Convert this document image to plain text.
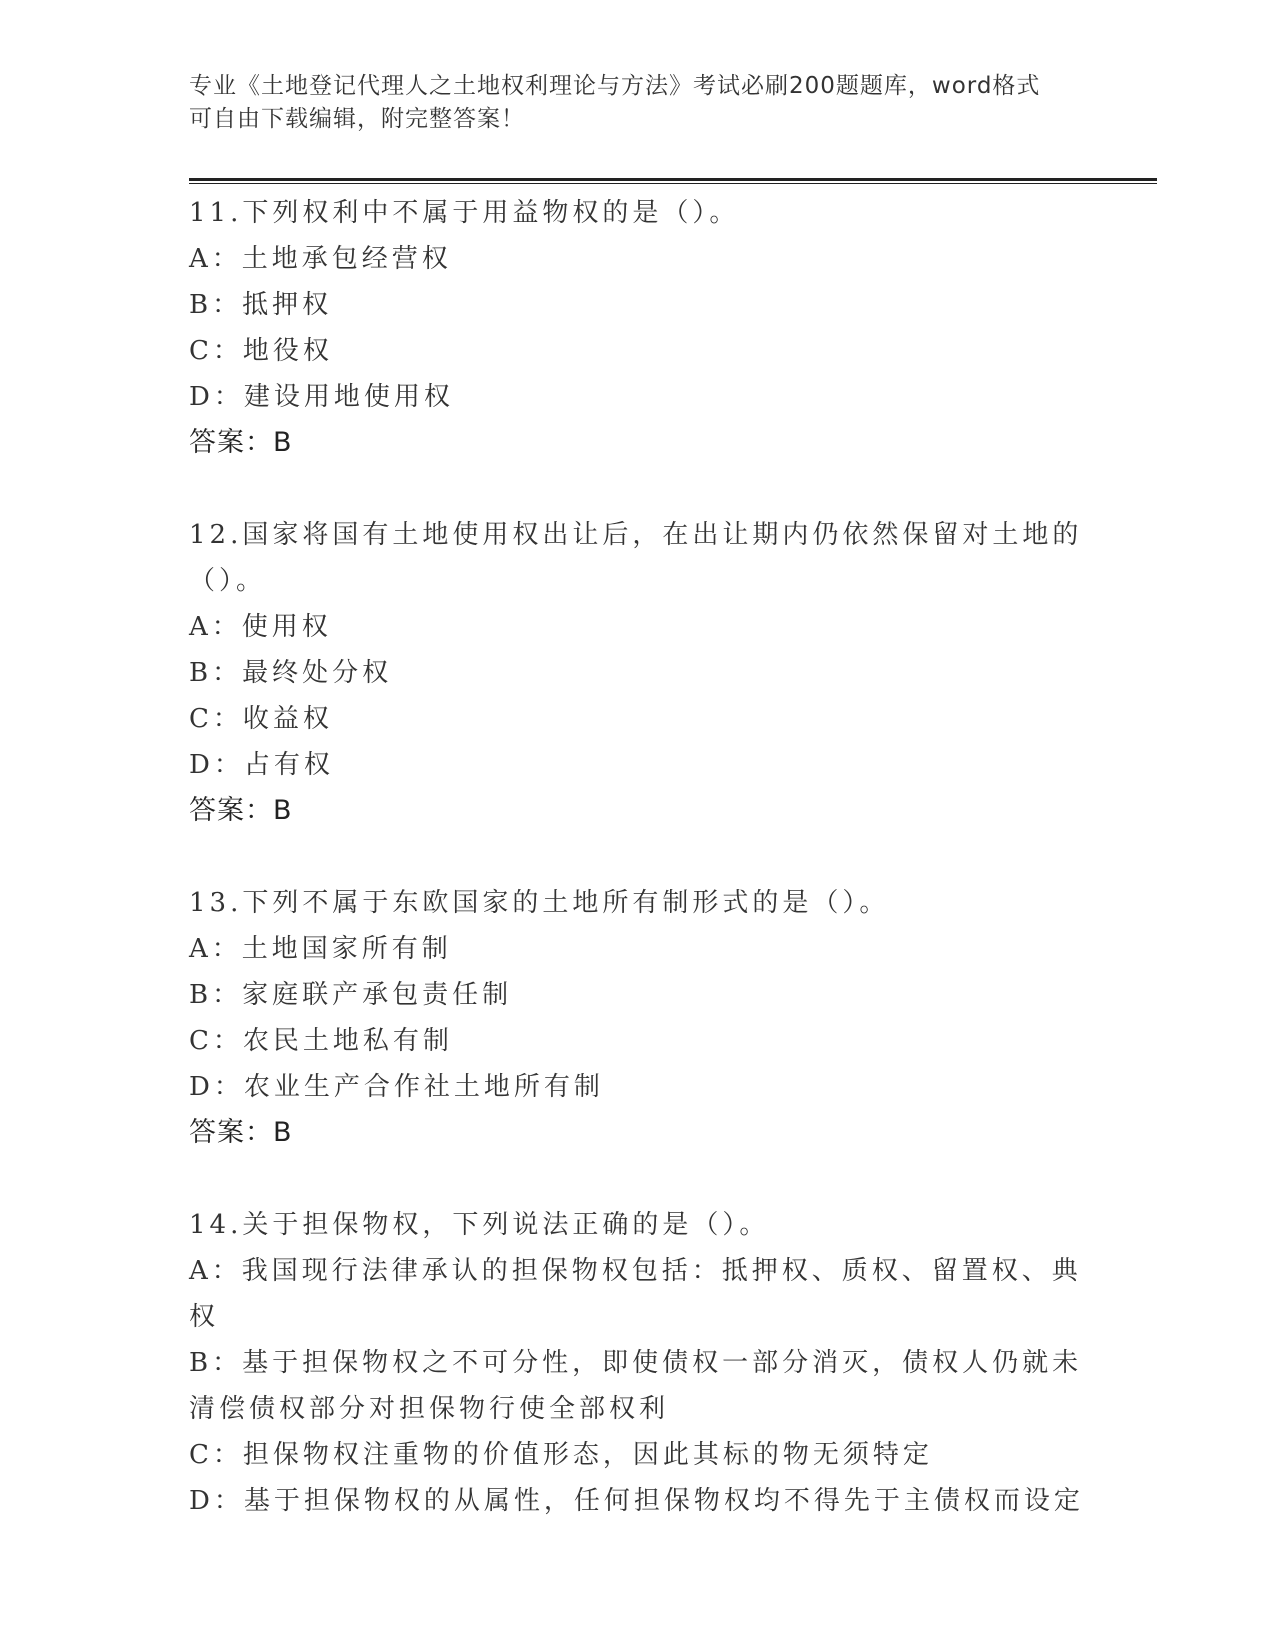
专业《土地登记代理人之土地权利理论与方法》考试必刷200题题库，word格式
可自由下载编辑，附完整答案！

11.下列权利中不属于用益物权的是（）。

A：土地承包经营权

B：抵押权

C：地役权

D：建设用地使用权

答案：B

12.国家将国有土地使用权出让后，在出让期内仍依然保留对土地的（）。

A：使用权

B：最终处分权

C：收益权

D：占有权

答案：B

13.下列不属于东欧国家的土地所有制形式的是（）。

A：土地国家所有制

B：家庭联产承包责任制

C：农民土地私有制

D：农业生产合作社土地所有制

答案：B

14.关于担保物权，下列说法正确的是（）。

A：我国现行法律承认的担保物权包括：抵押权、质权、留置权、典权

B：基于担保物权之不可分性，即使债权一部分消灭，债权人仍就未清偿债权部分对担保物行使全部权利

C：担保物权注重物的价值形态，因此其标的物无须特定

D：基于担保物权的从属性，任何担保物权均不得先于主债权而设定
